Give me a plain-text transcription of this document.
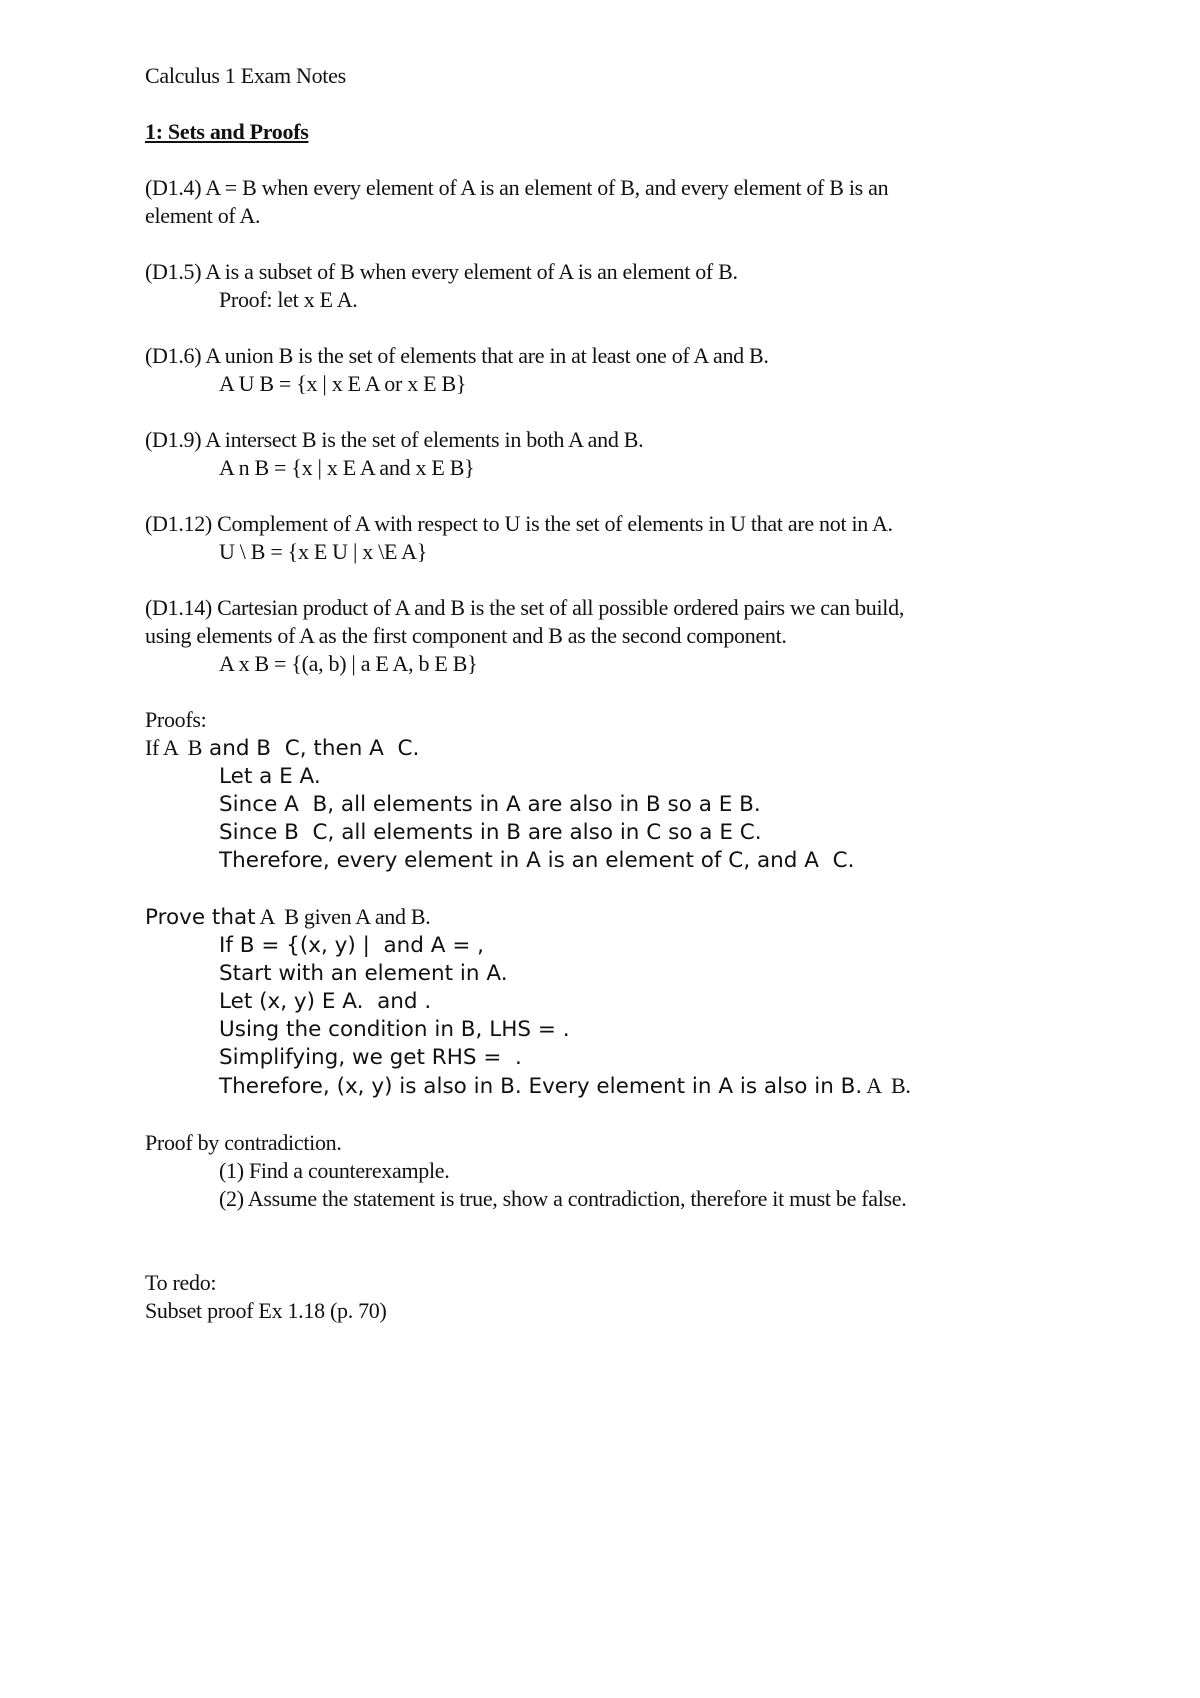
Calculus 1 Exam Notes
1: Sets and Proofs
(D1.4) A = B when every element of A is an element of B, and every element of B is an
element of A.
(D1.5) A is a subset of B when every element of A is an element of B.
Proof: let x E A.
(D1.6) A union B is the set of elements that are in at least one of A and B.
A U B = {x | x E A or x E B}
(D1.9) A intersect B is the set of elements in both A and B.
A n B = {x | x E A and x E B}
(D1.12) Complement of A with respect to U is the set of elements in U that are not in A.
U \ B = {x E U | x \E A}
(D1.14) Cartesian product of A and B is the set of all possible ordered pairs we can build,
using elements of A as the first component and B as the second component.
A x B = {(a, b) | a E A, b E B}
Proofs:
If A  B and B  C, then A  C.
Let a E A.
Since A  B, all elements in A are also in B so a E B.
Since B  C, all elements in B are also in C so a E C.
Therefore, every element in A is an element of C, and A  C.
Prove that A  B given A and B.
If B = {(x, y) |  and A = ,
Start with an element in A.
Let (x, y) E A.  and .
Using the condition in B, LHS = .
Simplifying, we get RHS =  .
Therefore, (x, y) is also in B. Every element in A is also in B. A  B.
Proof by contradiction.
(1) Find a counterexample.
(2) Assume the statement is true, show a contradiction, therefore it must be false.
To redo:
Subset proof Ex 1.18 (p. 70)
